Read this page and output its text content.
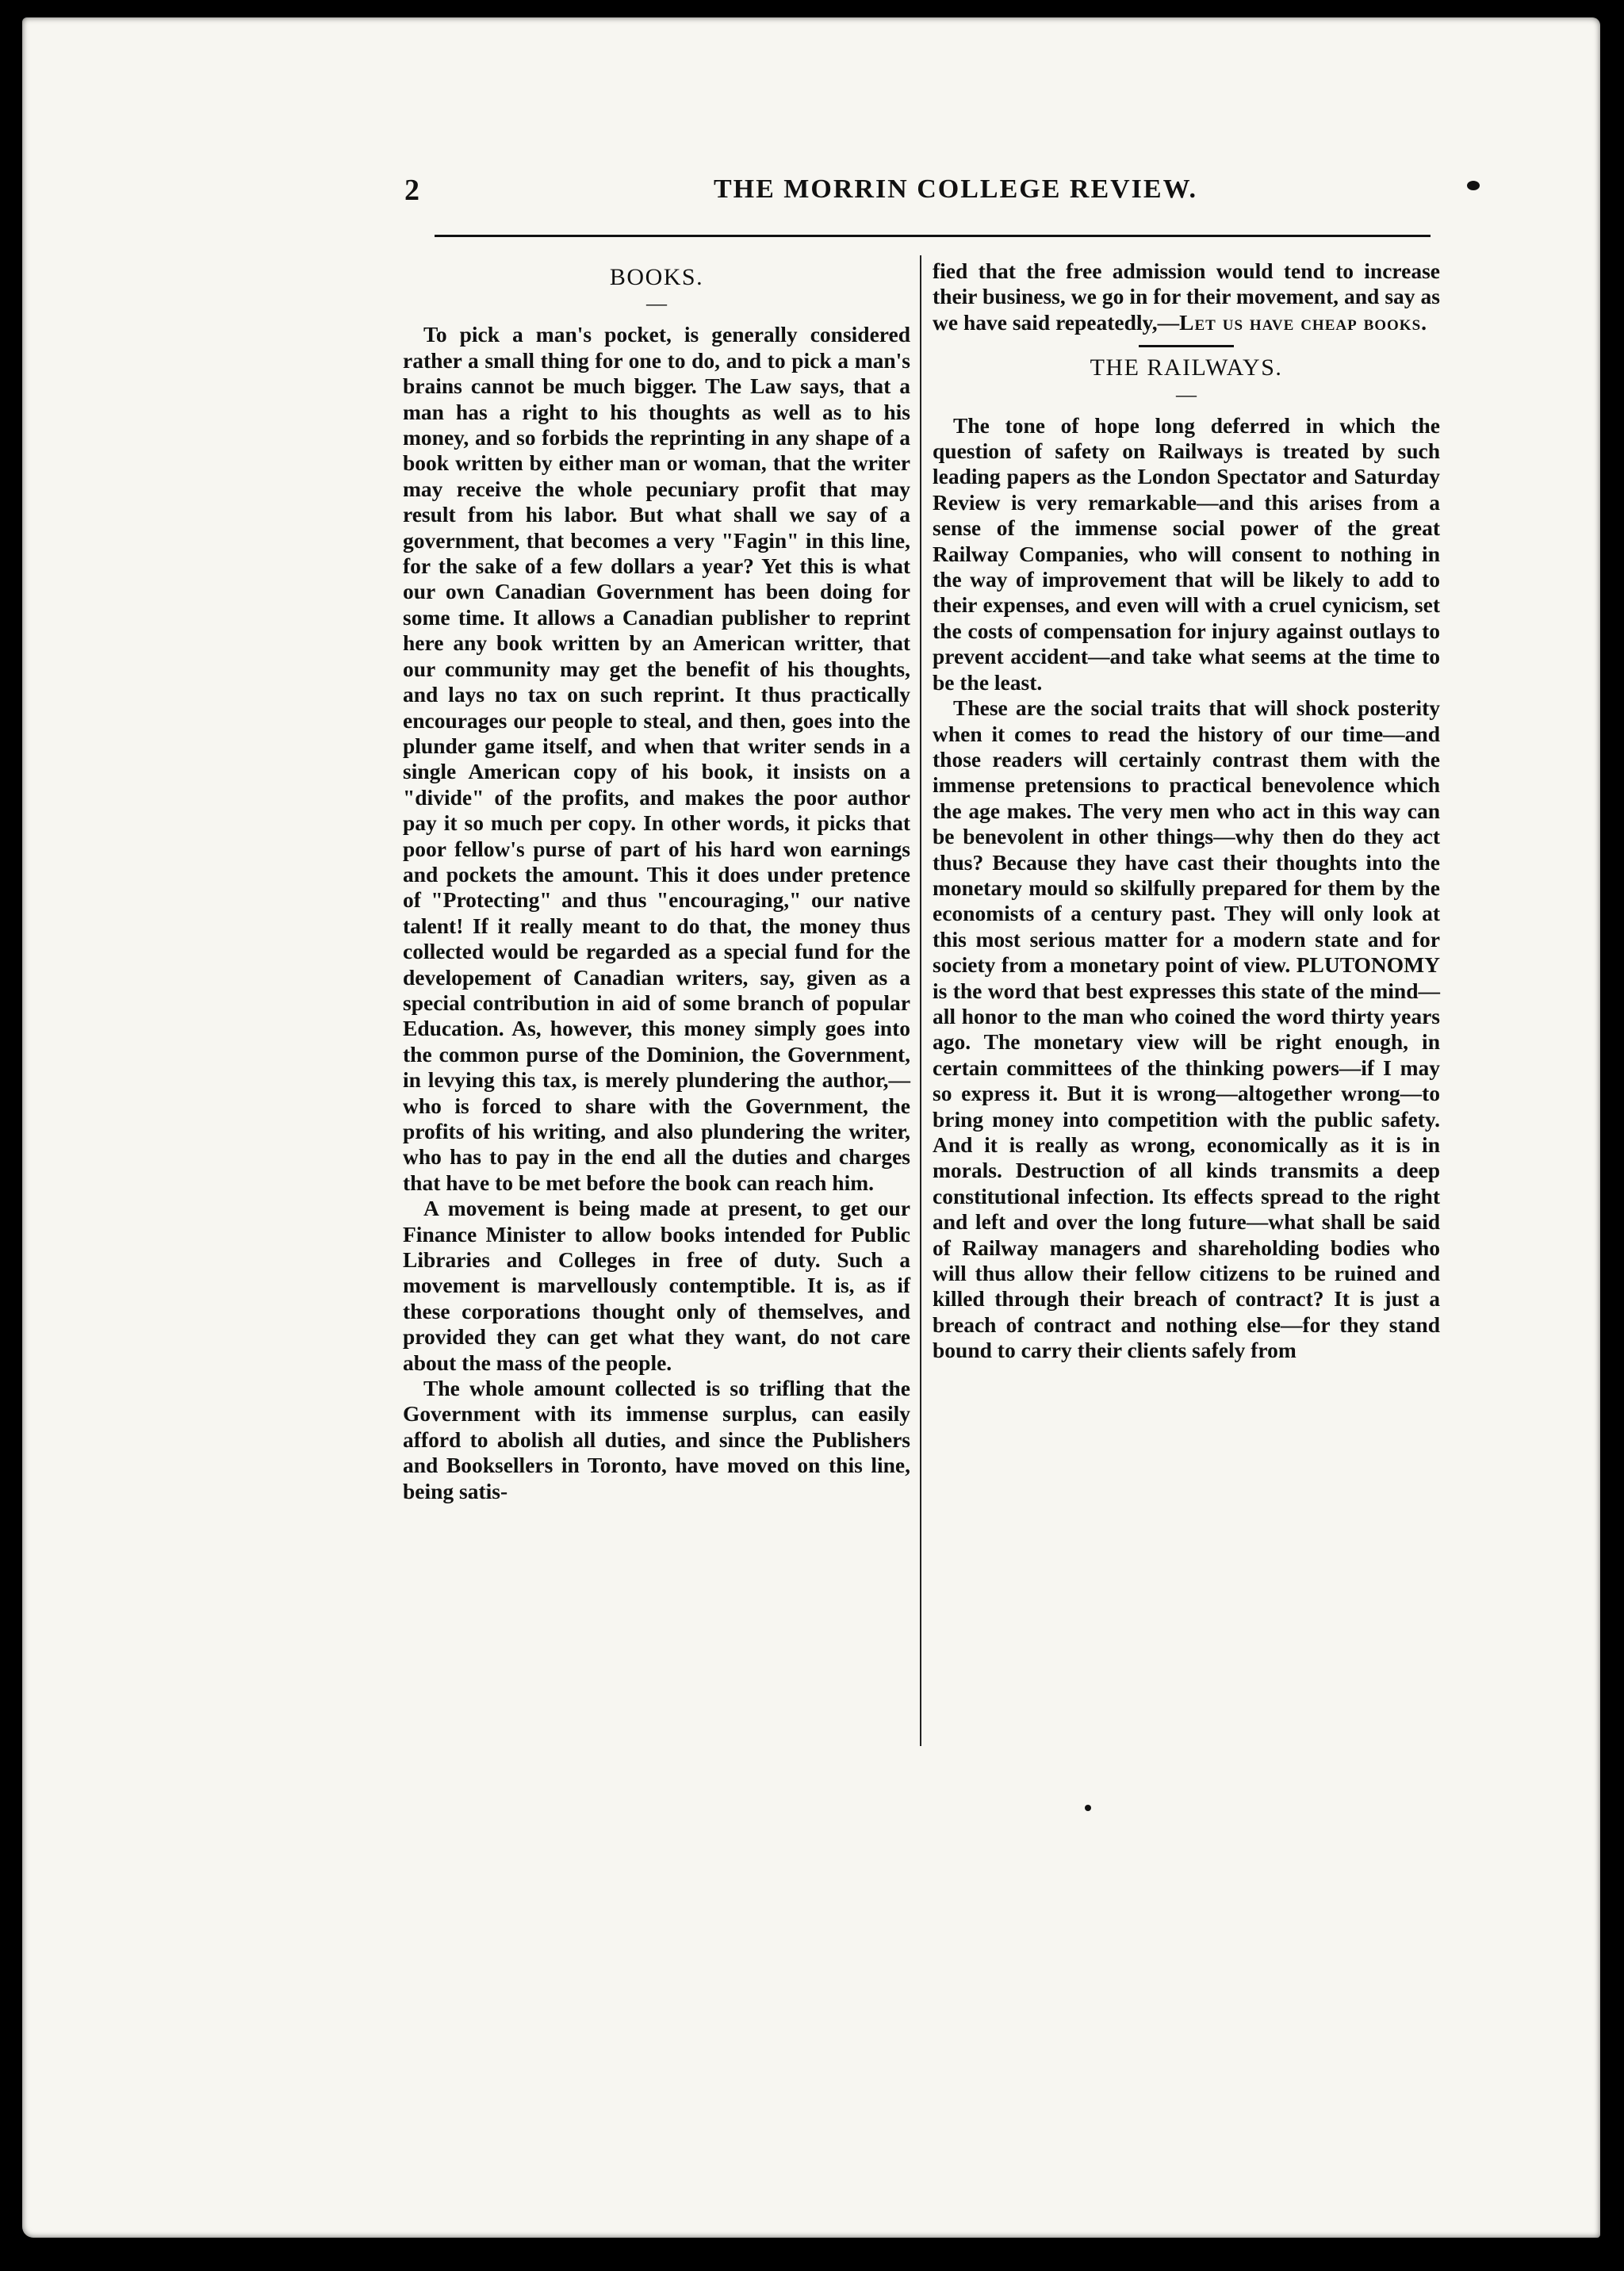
2	THE MORRIN COLLEGE REVIEW.
BOOKS.
—

To pick a man's pocket, is generally considered rather a small thing for one to do, and to pick a man's brains cannot be much bigger. The Law says, that a man has a right to his thoughts as well as to his money, and so forbids the reprinting in any shape of a book written by either man or woman, that the writer may receive the whole pecuniary profit that may result from his labor. But what shall we say of a government, that becomes a very "Fagin" in this line, for the sake of a few dollars a year? Yet this is what our own Canadian Government has been doing for some time. It allows a Canadian publisher to reprint here any book written by an American writter, that our community may get the benefit of his thoughts, and lays no tax on such reprint. It thus practically encourages our people to steal, and then, goes into the plunder game itself, and when that writer sends in a single American copy of his book, it insists on a "divide" of the profits, and makes the poor author pay it so much per copy. In other words, it picks that poor fellow's purse of part of his hard won earnings and pockets the amount. This it does under pretence of "Protecting" and thus "encouraging," our native talent! If it really meant to do that, the money thus collected would be regarded as a special fund for the developement of Canadian writers, say, given as a special contribution in aid of some branch of popular Education. As, however, this money simply goes into the common purse of the Dominion, the Government, in levying this tax, is merely plundering the author,—who is forced to share with the Government, the profits of his writing, and also plundering the writer, who has to pay in the end all the duties and charges that have to be met before the book can reach him.

A movement is being made at present, to get our Finance Minister to allow books intended for Public Libraries and Colleges in free of duty. Such a movement is marvellously contemptible. It is, as if these corporations thought only of themselves, and provided they can get what they want, do not care about the mass of the people.

The whole amount collected is so trifling that the Government with its immense surplus, can easily afford to abolish all duties, and since the Publishers and Booksellers in Toronto, have moved on this line, being satis-

fied that the free admission would tend to increase their business, we go in for their movement, and say as we have said repeatedly,—Let us have cheap books.

THE RAILWAYS.
—

The tone of hope long deferred in which the question of safety on Railways is treated by such leading papers as the London Spectator and Saturday Review is very remarkable—and this arises from a sense of the immense social power of the great Railway Companies, who will consent to nothing in the way of improvement that will be likely to add to their expenses, and even will with a cruel cynicism, set the costs of compensation for injury against outlays to prevent accident—and take what seems at the time to be the least.

These are the social traits that will shock posterity when it comes to read the history of our time—and those readers will certainly contrast them with the immense pretensions to practical benevolence which the age makes. The very men who act in this way can be benevolent in other things—why then do they act thus? Because they have cast their thoughts into the monetary mould so skilfully prepared for them by the economists of a century past. They will only look at this most serious matter for a modern state and for society from a monetary point of view. PLUTONOMY is the word that best expresses this state of the mind—all honor to the man who coined the word thirty years ago. The monetary view will be right enough, in certain committees of the thinking powers—if I may so express it. But it is wrong—altogether wrong—to bring money into competition with the public safety. And it is really as wrong, economically as it is in morals. Destruction of all kinds transmits a deep constitutional infection. Its effects spread to the right and left and over the long future—what shall be said of Railway managers and shareholding bodies who will thus allow their fellow citizens to be ruined and killed through their breach of contract? It is just a breach of contract and nothing else—for they stand bound to carry their clients safely from
